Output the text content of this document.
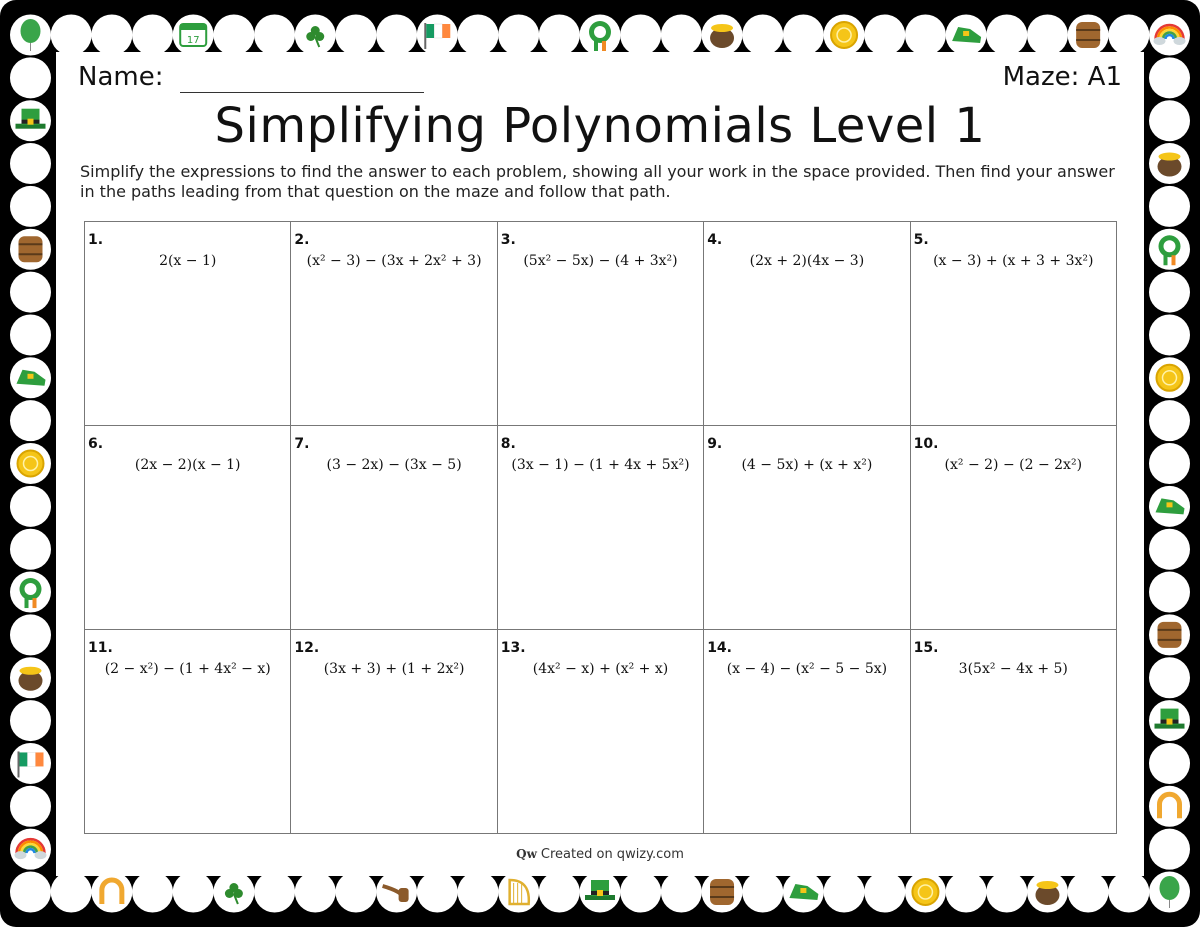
17
Name:	Maze: A1
Simplifying Polynomials Level 1
Simplify the expressions to find the answer to each problem, showing all your work in the space provided. Then find your answer in the paths leading from that question on the maze and follow that path.
1.
2(x − 1)
2.
(x² − 3) − (3x + 2x² + 3)
3.
(5x² − 5x) − (4 + 3x²)
4.
(2x + 2)(4x − 3)
5.
(x − 3) + (x + 3 + 3x²)
6.
(2x − 2)(x − 1)
7.
(3 − 2x) − (3x − 5)
8.
(3x − 1) − (1 + 4x + 5x²)
9.
(4 − 5x) + (x + x²)
10.
(x² − 2) − (2 − 2x²)
11.
(2 − x²) − (1 + 4x² − x)
12.
(3x + 3) + (1 + 2x²)
13.
(4x² − x) + (x² + x)
14.
(x − 4) − (x² − 5 − 5x)
15.
3(5x² − 4x + 5)
Qw Created on qwizy.com
